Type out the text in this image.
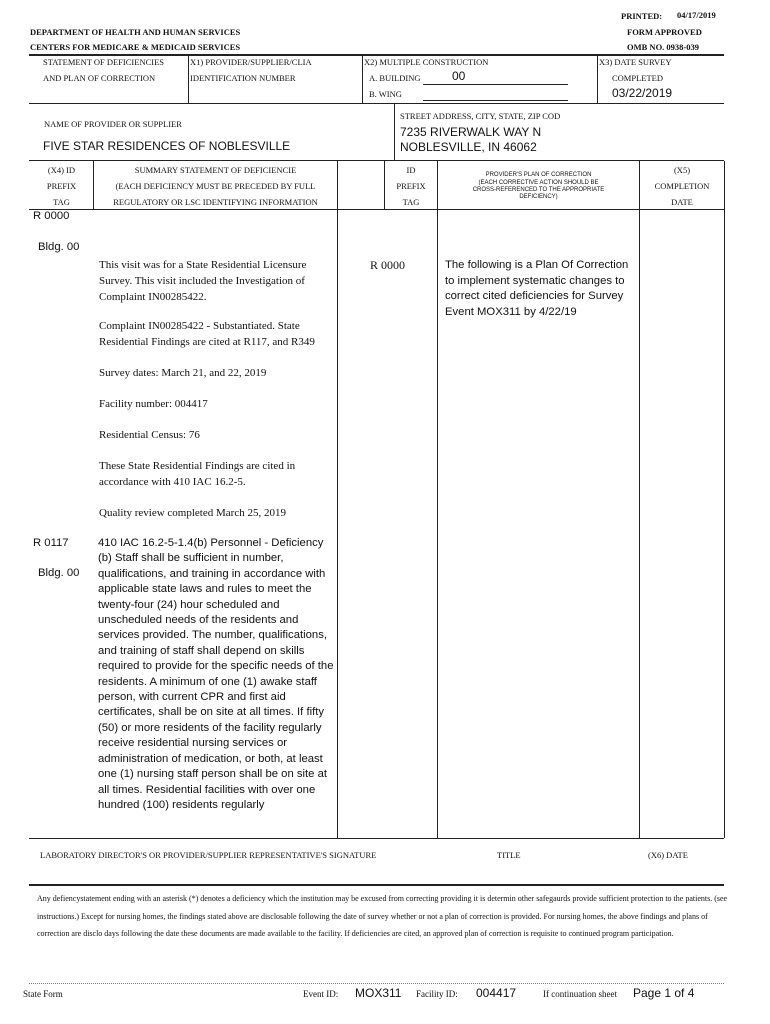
PRINTED: 04/17/2019
DEPARTMENT OF HEALTH AND HUMAN SERVICES	FORM APPROVED
CENTERS FOR MEDICARE & MEDICAID SERVICES	OMB NO. 0938-039
STATEMENT OF DEFICIENCIES
AND PLAN OF CORRECTION
X1) PROVIDER/SUPPLIER/CLIA
IDENTIFICATION NUMBER
X2) MULTIPLE CONSTRUCTION
A. BUILDING	00
B. WING
X3) DATE SURVEY
COMPLETED
03/22/2019
NAME OF PROVIDER OR SUPPLIER
FIVE STAR RESIDENCES OF NOBLESVILLE
STREET ADDRESS, CITY, STATE, ZIP COD
7235 RIVERWALK WAY N
NOBLESVILLE, IN 46062
(X4) ID
PREFIX
TAG
SUMMARY STATEMENT OF DEFICIENCIE
(EACH DEFICIENCY MUST BE PRECEDED BY FULL
REGULATORY OR LSC IDENTIFYING INFORMATION
ID
PREFIX
TAG
PROVIDER'S PLAN OF CORRECTION
(EACH CORRECTIVE ACTION SHOULD BE
CROSS-REFERENCED TO THE APPROPRIATE
DEFICIENCY)
(X5)
COMPLETION
DATE
R 0000
Bldg. 00
This visit was for a State Residential Licensure Survey. This visit included the Investigation of Complaint IN00285422.
Complaint IN00285422 - Substantiated. State Residential Findings are cited at R117, and R349
Survey dates: March 21, and 22, 2019
Facility number: 004417
Residential Census: 76
These State Residential Findings are cited in accordance with 410 IAC 16.2-5.
Quality review completed March 25, 2019
R 0000	The following is a Plan Of Correction to implement systematic changes to correct cited deficiencies for Survey Event MOX311 by 4/22/19
R 0117
Bldg. 00
410 IAC 16.2-5-1.4(b) Personnel - Deficiency (b) Staff shall be sufficient in number, qualifications, and training in accordance with applicable state laws and rules to meet the twenty-four (24) hour scheduled and unscheduled needs of the residents and services provided. The number, qualifications, and training of staff shall depend on skills required to provide for the specific needs of the residents. A minimum of one (1) awake staff person, with current CPR and first aid certificates, shall be on site at all times. If fifty (50) or more residents of the facility regularly receive residential nursing services or administration of medication, or both, at least one (1) nursing staff person shall be on site at all times. Residential facilities with over one hundred (100) residents regularly
LABORATORY DIRECTOR'S OR PROVIDER/SUPPLIER REPRESENTATIVE'S SIGNATURE	TITLE	(X6) DATE
Any defiencystatement ending with an asterisk (*) denotes a deficiency which the institution may be excused from correcting providing it is determin other safegaurds provide sufficient protection to the patients. (see instructions.) Except for nursing homes, the findings stated above are disclosable following the date of survey whether or not a plan of correction is provided. For nursing homes, the above findings and plans of correction are disclo days following the date these documents are made available to the facility. If deficiencies are cited, an approved plan of correction is requisite to continued program participation.
State Form	Event ID: MOX311 Facility ID: 004417	If continuation sheet Page 1 of 4
